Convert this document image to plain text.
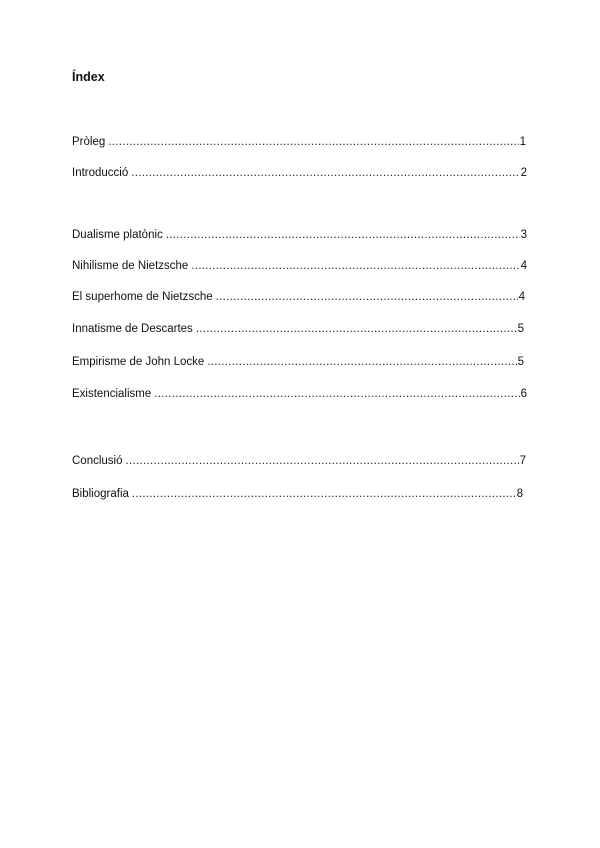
Índex
Pròleg .....	1
Introducció .....	2
Dualisme platònic .....	3
Nihilisme de Nietzsche .....	4
El superhome de Nietzsche .....	4
Innatisme de Descartes .....	5
Empirisme de John Locke .....	5
Existencialisme .....	6
Conclusió .....	7
Bibliografia .....	8
